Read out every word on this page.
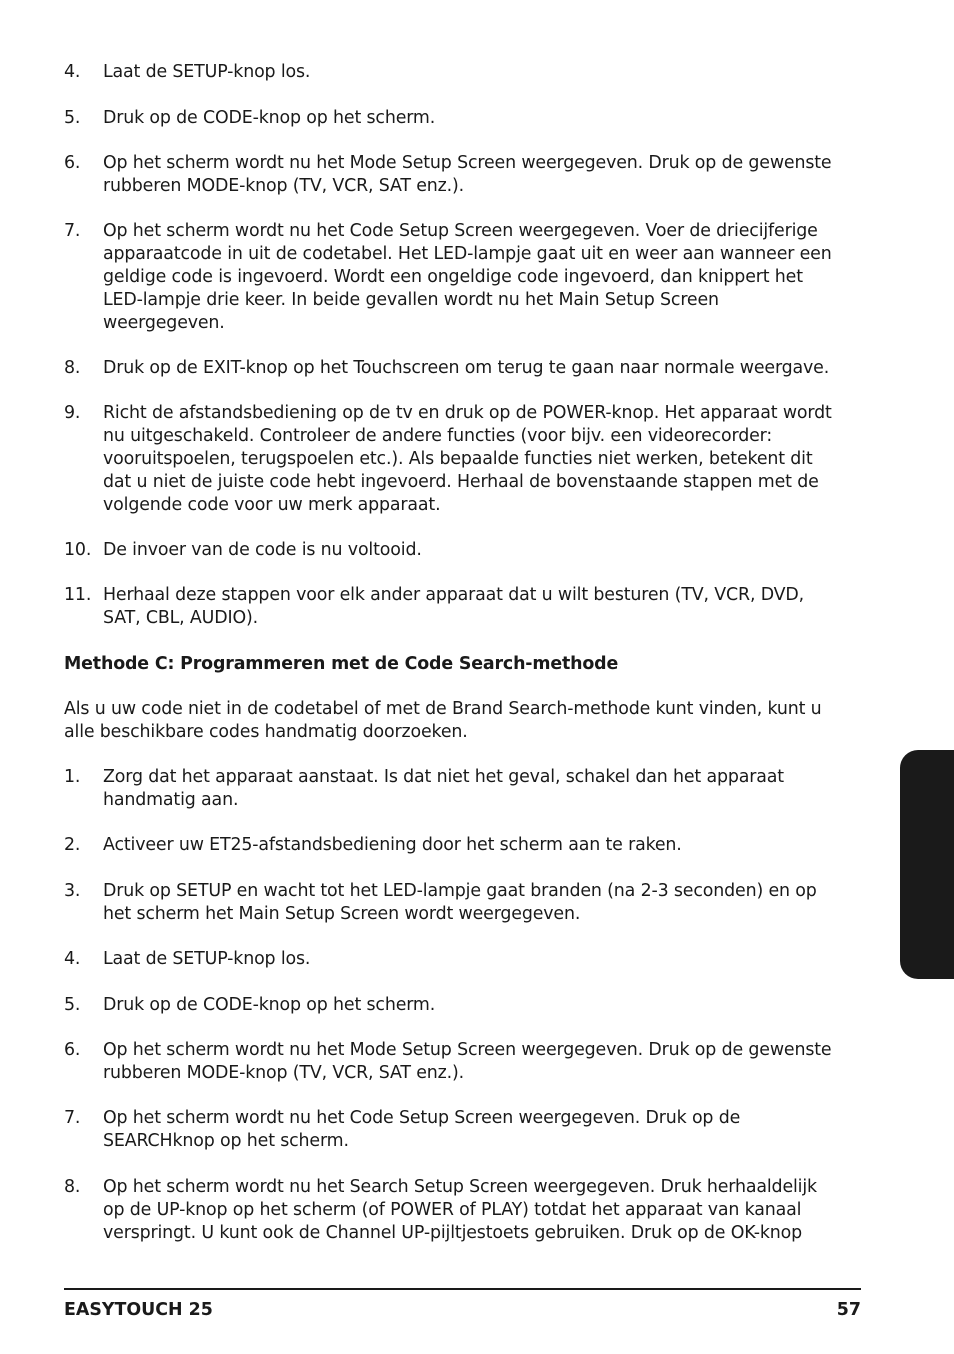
4.	Laat de SETUP-knop los.
5.	Druk op de CODE-knop op het scherm.
6.	Op het scherm wordt nu het Mode Setup Screen weergegeven. Druk op de gewenste
rubberen MODE-knop (TV, VCR, SAT enz.).
7.	Op het scherm wordt nu het Code Setup Screen weergegeven. Voer de driecijferige
apparaatcode in uit de codetabel. Het LED-lampje gaat uit en weer aan wanneer een
geldige code is ingevoerd. Wordt een ongeldige code ingevoerd, dan knippert het
LED-lampje drie keer. In beide gevallen wordt nu het Main Setup Screen
weergegeven.
8.	Druk op de EXIT-knop op het Touchscreen om terug te gaan naar normale weergave.
9.	Richt de afstandsbediening op de tv en druk op de POWER-knop. Het apparaat wordt
nu uitgeschakeld. Controleer de andere functies (voor bijv. een videorecorder:
vooruitspoelen, terugspoelen etc.). Als bepaalde functies niet werken, betekent dit
dat u niet de juiste code hebt ingevoerd. Herhaal de bovenstaande stappen met de
volgende code voor uw merk apparaat.
10. De invoer van de code is nu voltooid.
11. Herhaal deze stappen voor elk ander apparaat dat u wilt besturen (TV, VCR, DVD,
SAT, CBL, AUDIO).
Methode C: Programmeren met de Code Search-methode
Als u uw code niet in de codetabel of met de Brand Search-methode kunt vinden, kunt u
alle beschikbare codes handmatig doorzoeken.
1.	Zorg dat het apparaat aanstaat. Is dat niet het geval, schakel dan het apparaat
handmatig aan.
2.	Activeer uw ET25-afstandsbediening door het scherm aan te raken.
3.	Druk op SETUP en wacht tot het LED-lampje gaat branden (na 2-3 seconden) en op
het scherm het Main Setup Screen wordt weergegeven.
4.	Laat de SETUP-knop los.
5.	Druk op de CODE-knop op het scherm.
6.	Op het scherm wordt nu het Mode Setup Screen weergegeven. Druk op de gewenste
rubberen MODE-knop (TV, VCR, SAT enz.).
7.	Op het scherm wordt nu het Code Setup Screen weergegeven. Druk op de
SEARCHknop op het scherm.
8.	Op het scherm wordt nu het Search Setup Screen weergegeven. Druk herhaaldelijk
op de UP-knop op het scherm (of POWER of PLAY) totdat het apparaat van kanaal
verspringt. U kunt ook de Channel UP-pijltjestoets gebruiken. Druk op de OK-knop
EASYTOUCH 25	57
